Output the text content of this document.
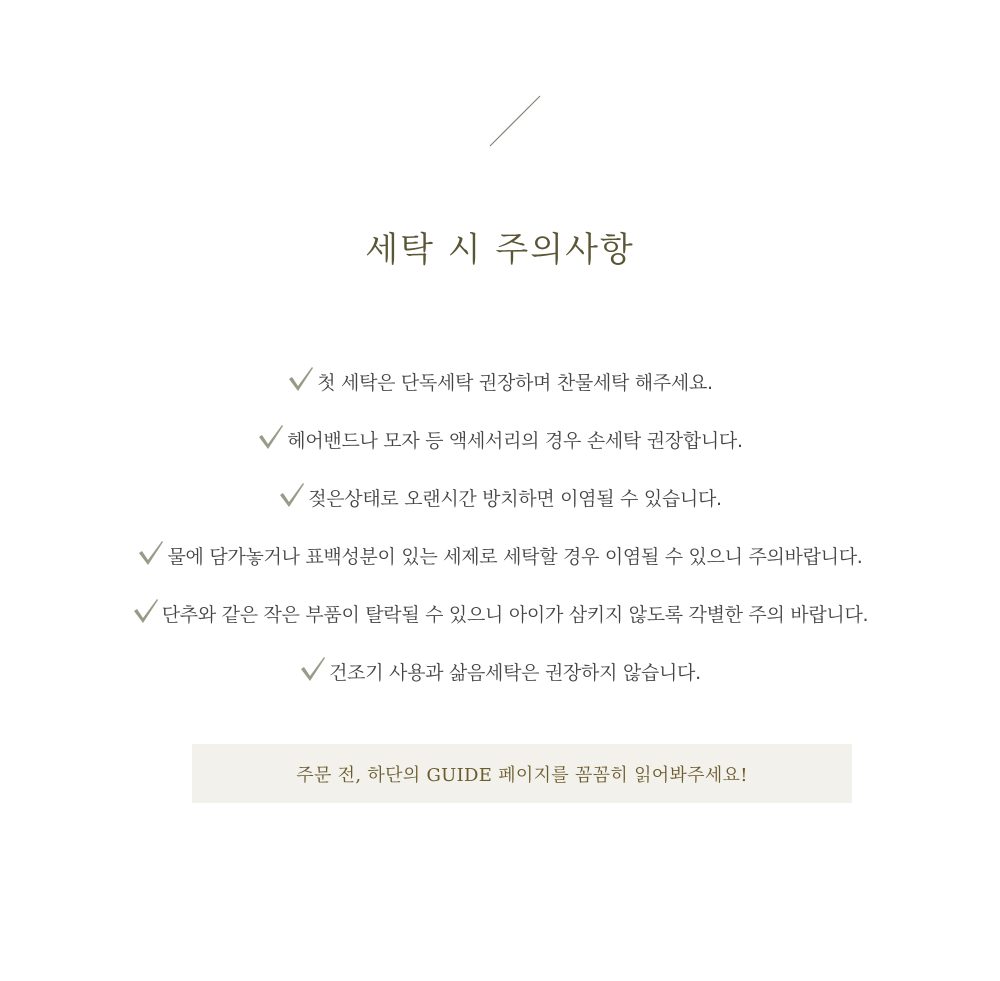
세탁 시 주의사항
첫 세탁은 단독세탁 권장하며 찬물세탁 해주세요.
헤어밴드나 모자 등 액세서리의 경우 손세탁 권장합니다.
젖은상태로 오랜시간 방치하면 이염될 수 있습니다.
물에 담가놓거나 표백성분이 있는 세제로 세탁할 경우 이염될 수 있으니 주의바랍니다.
단추와 같은 작은 부품이 탈락될 수 있으니 아이가 삼키지 않도록 각별한 주의 바랍니다.
건조기 사용과 삶음세탁은 권장하지 않습니다.
주문 전, 하단의 GUIDE 페이지를 꼼꼼히 읽어봐주세요!
